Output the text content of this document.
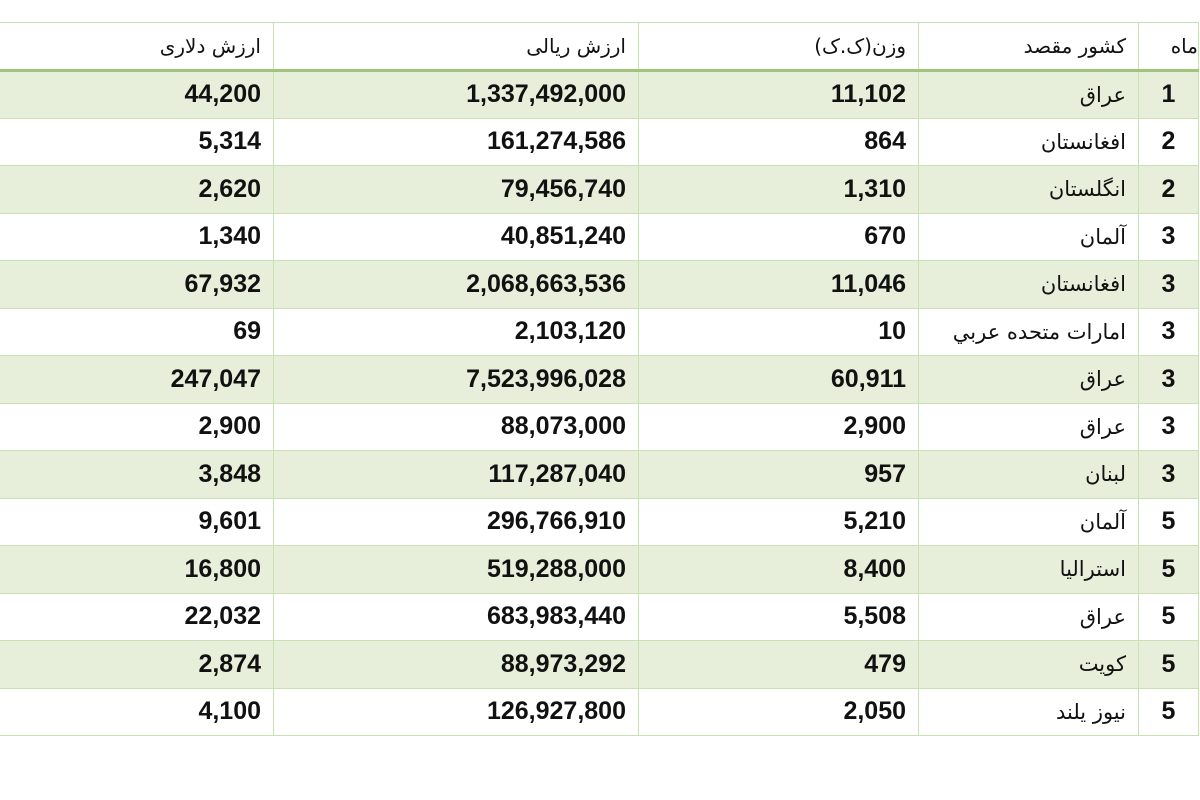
ماه	کشور مقصد	وزن(ک.ک)	ارزش ریالی	ارزش دلاری
1	عراق	11,102	1,337,492,000	44,200
2	افغانستان	864	161,274,586	5,314
2	انگلستان	1,310	79,456,740	2,620
3	آلمان	670	40,851,240	1,340
3	افغانستان	11,046	2,068,663,536	67,932
3	امارات متحده عربي	10	2,103,120	69
3	عراق	60,911	7,523,996,028	247,047
3	عراق	2,900	88,073,000	2,900
3	لبنان	957	117,287,040	3,848
5	آلمان	5,210	296,766,910	9,601
5	استراليا	8,400	519,288,000	16,800
5	عراق	5,508	683,983,440	22,032
5	کویت	479	88,973,292	2,874
5	نیوز یلند	2,050	126,927,800	4,100
